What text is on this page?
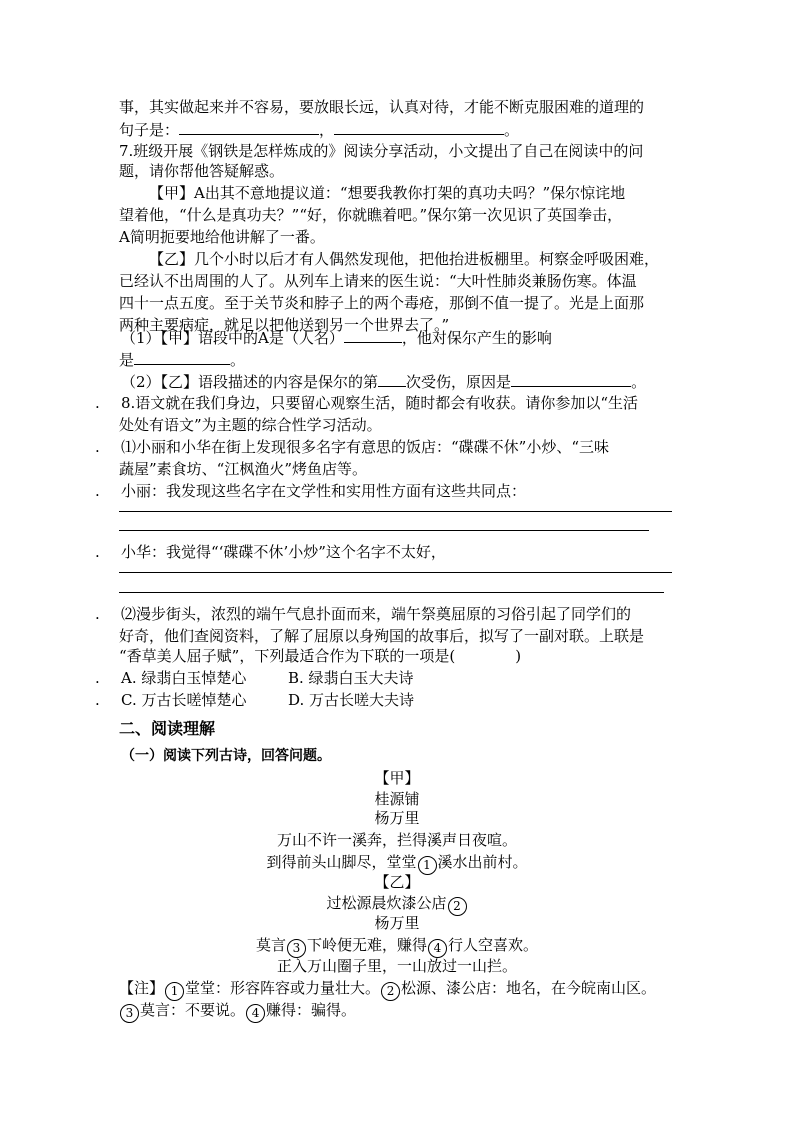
事，其实做起来并不容易，要放眼长远，认真对待，才能不断克服困难的道理的
句子是：	，	。
7.班级开展《钢铁是怎样炼成的》阅读分享活动，小文提出了自己在阅读中的问
题，请你帮他答疑解惑。
【甲】A出其不意地提议道：“想要我教你打架的真功夫吗？”保尔惊诧地
望着他，“什么是真功夫？”“好，你就瞧着吧。”保尔第一次见识了英国拳击，
A简明扼要地给他讲解了一番。
【乙】几个小时以后才有人偶然发现他，把他抬进板棚里。柯察金呼吸困难，
已经认不出周围的人了。从列车上请来的医生说：“大叶性肺炎兼肠伤寒。体温
四十一点五度。至于关节炎和脖子上的两个毒疮，那倒不值一提了。光是上面那
两种主要病症，就足以把他送到另一个世界去了。”
（1）【甲】语段中的A是（人名）	，他对保尔产生的影响
是	。
（2）【乙】语段描述的内容是保尔的第 次受伤，原因是	。
. 8.语文就在我们身边，只要留心观察生活，随时都会有收获。请你参加以“生活
处处有语文”为主题的综合性学习活动。
. ⑴小丽和小华在街上发现很多名字有意思的饭店：“碟碟不休”小炒、“三味
蔬屋”素食坊、“江枫渔火”烤鱼店等。
. 小丽：我发现这些名字在文学性和实用性方面有这些共同点：
. 小华：我觉得“‘碟碟不休’小炒”这个名字不太好，
. ⑵漫步街头，浓烈的端午气息扑面而来，端午祭奠屈原的习俗引起了同学们的
好奇，他们查阅资料，了解了屈原以身殉国的故事后，拟写了一副对联。上联是
“香草美人屈子赋”，下列最适合作为下联的一项是(　　　　)
. A. 绿翡白玉悼楚心	B. 绿翡白玉大夫诗
. C. 万古长嗟悼楚心	D. 万古长嗟大夫诗
二、阅读理解
（一）阅读下列古诗，回答问题。
【甲】
桂源铺
杨万里
万山不许一溪奔，拦得溪声日夜喧。
到得前头山脚尽，堂堂 1 溪水出前村。
【乙】
过松源晨炊漆公店 2
杨万里
莫言 3 下岭便无难，赚得 4 行人空喜欢。
正入万山圈子里，一山放过一山拦。
【注】 1 堂堂：形容阵容或力量壮大。 2 松源、漆公店：地名，在今皖南山区。
3 莫言：不要说。 4 赚得：骗得。
